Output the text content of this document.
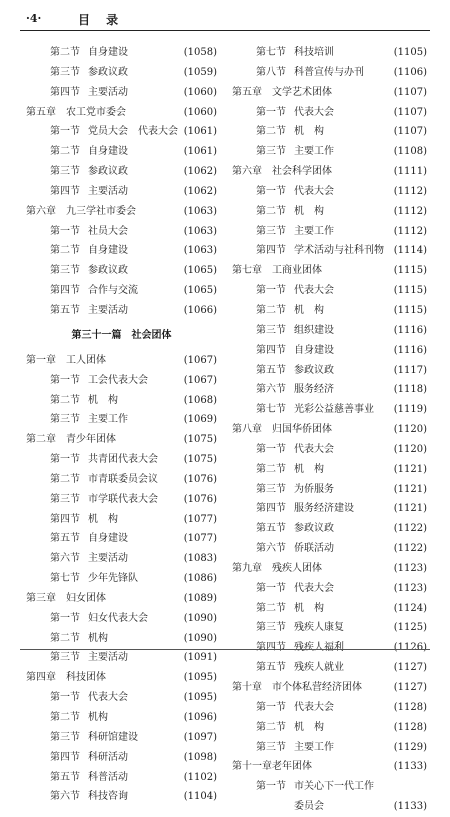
·4·	目 录
第二节 自身建设	(1058)
第三节 参政议政	(1059)
第四节 主要活动	(1060)
第五章 农工党市委会	(1060)
第一节 党员大会　代表大会 (1061)
第二节 自身建设	(1061)
第三节 参政议政	(1062)
第四节 主要活动	(1062)
第六章 九三学社市委会	(1063)
第一节 社员大会	(1063)
第二节 自身建设	(1063)
第三节 参政议政	(1065)
第四节 合作与交流	(1065)
第五节 主要活动	(1066)
第三十一篇　社会团体
第一章 工人团体	(1067)
第一节 工会代表大会	(1067)
第二节 机　构	(1068)
第三节 主要工作	(1069)
第二章 青少年团体	(1075)
第一节 共青团代表大会	(1075)
第二节 市青联委员会议	(1076)
第三节 市学联代表大会	(1076)
第四节 机　构	(1077)
第五节 自身建设	(1077)
第六节 主要活动	(1083)
第七节 少年先锋队	(1086)
第三章 妇女团体	(1089)
第一节 妇女代表大会	(1090)
第二节 机构	(1090)
第三节 主要活动	(1091)
第四章 科技团体	(1095)
第一节 代表大会	(1095)
第二节 机构	(1096)
第三节 科研馆建设	(1097)
第四节 科研活动	(1098)
第五节 科普活动	(1102)
第六节 科技咨询	(1104)
第七节 科技培训	(1105)
第八节 科普宣传与办刊	(1106)
第五章 文学艺术团体	(1107)
第一节 代表大会	(1107)
第二节 机　构	(1107)
第三节 主要工作	(1108)
第六章 社会科学团体	(1111)
第一节 代表大会	(1112)
第二节 机　构	(1112)
第三节 主要工作	(1112)
第四节 学术活动与社科刊物 (1114)
第七章 工商业团体	(1115)
第一节 代表大会	(1115)
第二节 机　构	(1115)
第三节 组织建设	(1116)
第四节 自身建设	(1116)
第五节 参政议政	(1117)
第六节 服务经济	(1118)
第七节 光彩公益慈善事业 (1119)
第八章 归国华侨团体	(1120)
第一节 代表大会	(1120)
第二节 机　构	(1121)
第三节 为侨服务	(1121)
第四节 服务经济建设	(1121)
第五节 参政议政	(1122)
第六节 侨联活动	(1122)
第九章 残疾人团体	(1123)
第一节 代表大会	(1123)
第二节 机　构	(1124)
第三节 残疾人康复	(1125)
第四节 残疾人福利	(1126)
第五节 残疾人就业	(1127)
第十章 市个体私营经济团体	(1127)
第一节 代表大会	(1128)
第二节 机　构	(1128)
第三节 主要工作	(1129)
第十一章 老年团体	(1133)
第一节 市关心下一代工作
委员会	(1133)
